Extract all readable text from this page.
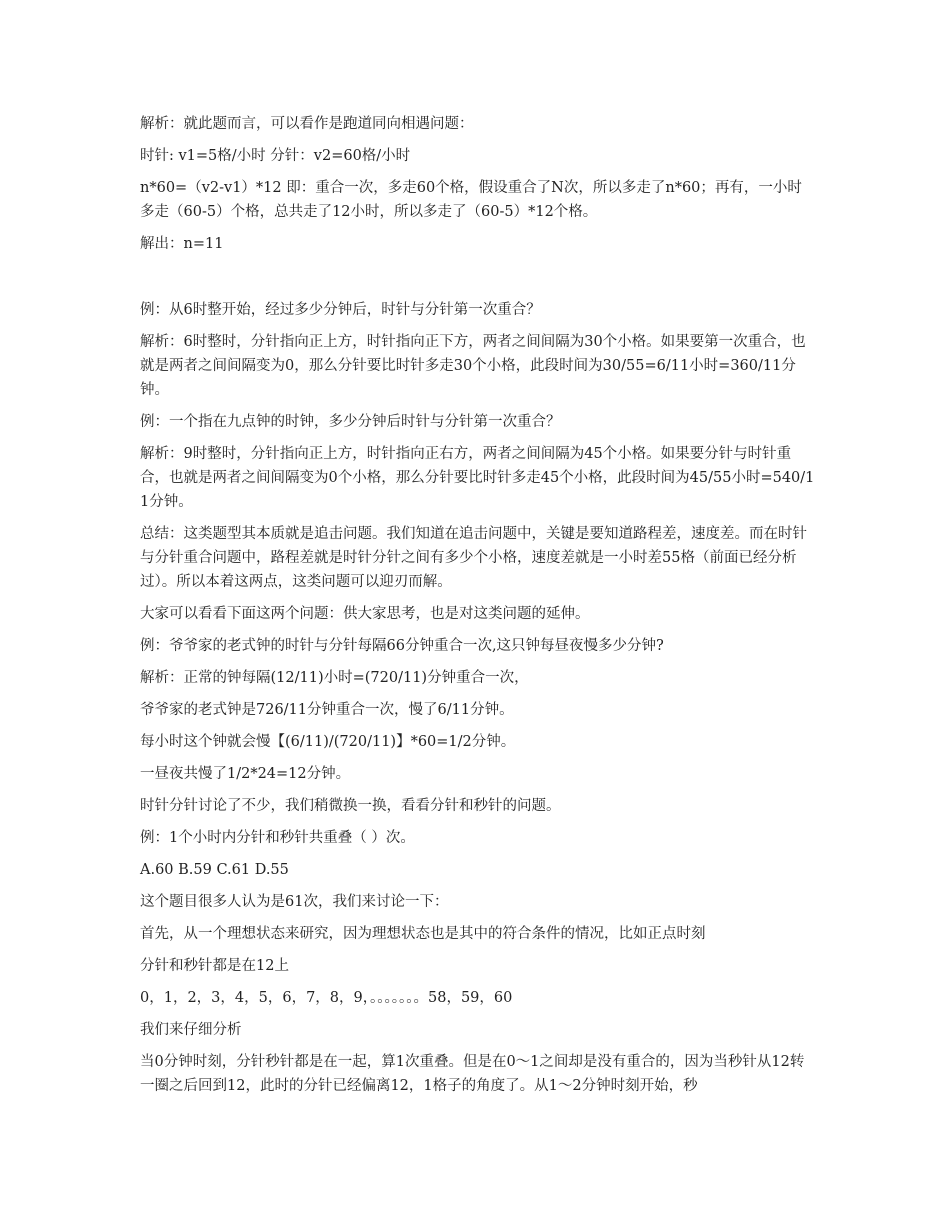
解析：就此题而言，可以看作是跑道同向相遇问题：

时针: v1=5格/小时 分针：v2=60格/小时

n*60=（v2-v1）*12 即：重合一次，多走60个格，假设重合了N次，所以多走了n*60；再有，一小时多走（60-5）个格，总共走了12小时，所以多走了（60-5）*12个格。

解出：n=11

例：从6时整开始，经过多少分钟后，时针与分针第一次重合？

解析：6时整时，分针指向正上方，时针指向正下方，两者之间间隔为30个小格。如果要第一次重合，也就是两者之间间隔变为0，那么分针要比时针多走30个小格，此段时间为30/55=6/11小时=360/11分钟。

例：一个指在九点钟的时钟，多少分钟后时针与分针第一次重合？

解析：9时整时，分针指向正上方，时针指向正右方，两者之间间隔为45个小格。如果要分针与时针重合，也就是两者之间间隔变为0个小格，那么分针要比时针多走45个小格，此段时间为45/55小时=540/11分钟。

总结：这类题型其本质就是追击问题。我们知道在追击问题中，关键是要知道路程差，速度差。而在时针与分针重合问题中，路程差就是时针分针之间有多少个小格，速度差就是一小时差55格（前面已经分析过）。所以本着这两点，这类问题可以迎刃而解。

大家可以看看下面这两个问题：供大家思考，也是对这类问题的延伸。

例：爷爷家的老式钟的时针与分针每隔66分钟重合一次,这只钟每昼夜慢多少分钟?

解析：正常的钟每隔(12/11)小时=(720/11)分钟重合一次，

爷爷家的老式钟是726/11分钟重合一次，慢了6/11分钟。

每小时这个钟就会慢【(6/11)/(720/11)】*60=1/2分钟。

一昼夜共慢了1/2*24=12分钟。

时针分针讨论了不少，我们稍微换一换，看看分针和秒针的问题。

例：1个小时内分针和秒针共重叠（ ）次。

A.60 B.59 C.61 D.55

这个题目很多人认为是61次，我们来讨论一下：

首先，从一个理想状态来研究，因为理想状态也是其中的符合条件的情况，比如正点时刻

分针和秒针都是在12上

0，1，2，3，4，5，6，7，8，9，。。。。。。。58，59，60

我们来仔细分析

当0分钟时刻，分针秒针都是在一起，算1次重叠。但是在0～1之间却是没有重合的，因为当秒针从12转一圈之后回到12，此时的分针已经偏离12，1格子的角度了。从1～2分钟时刻开始，秒
